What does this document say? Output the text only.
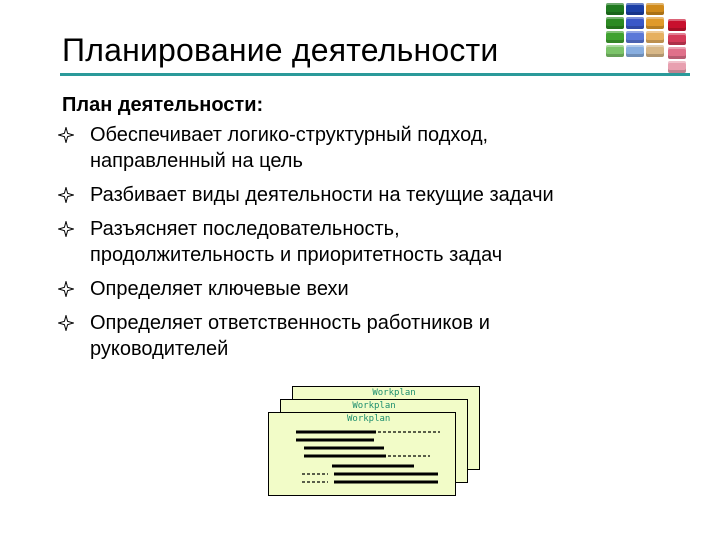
Планирование деятельности
План деятельности:
Обеспечивает логико-структурный подход,
направленный на цель
Разбивает виды деятельности на текущие задачи
Разъясняет последовательность,
продолжительность и приоритетность задач
Определяет ключевые вехи
Определяет ответственность работников и
руководителей
Workplan
Workplan
Workplan
